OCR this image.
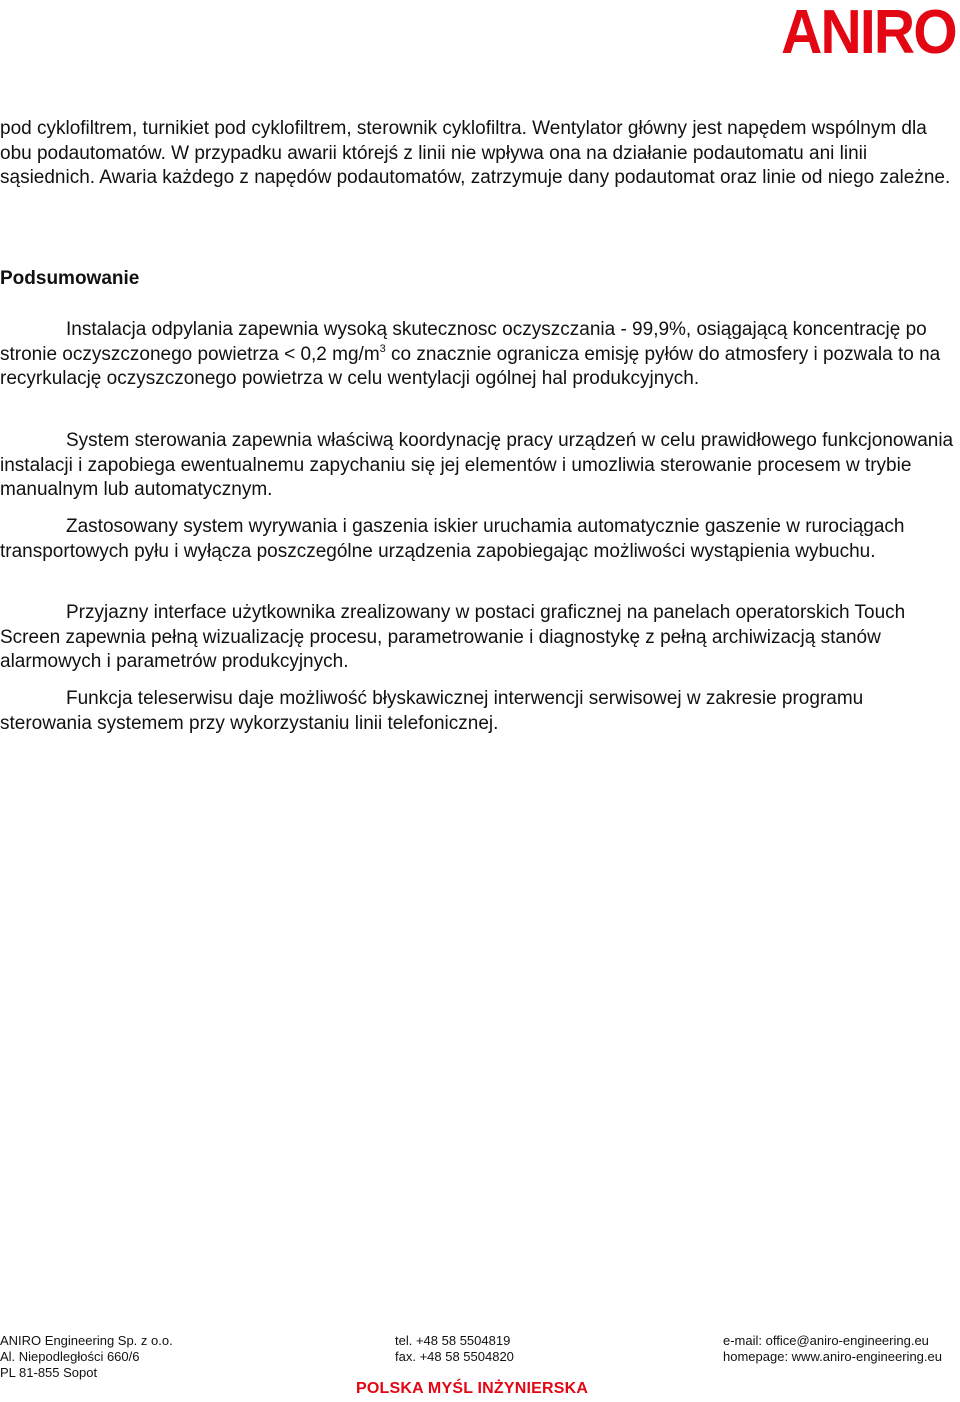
ANIRO

pod cyklofiltrem, turnikiet pod cyklofiltrem, sterownik cyklofiltra. Wentylator główny jest napędem wspólnym dla obu podautomatów. W przypadku awarii którejś z linii nie wpływa ona na działanie podautomatu ani linii sąsiednich. Awaria każdego z napędów podautomatów, zatrzymuje dany podautomat oraz linie od niego zależne.

Podsumowanie

Instalacja odpylania zapewnia wysoką skutecznosc oczyszczania - 99,9%, osiągającą koncentrację po stronie oczyszczonego powietrza < 0,2 $mg/m^3$ co znacznie ogranicza emisję pyłów do atmosfery i pozwala to na recyrkulację oczyszczonego powietrza w celu wentylacji ogólnej hal produkcyjnych.

System sterowania zapewnia właściwą koordynację pracy urządzeń w celu prawidłowego funkcjonowania instalacji i zapobiega ewentualnemu zapychaniu się jej elementów i umozliwia sterowanie procesem w trybie manualnym lub automatycznym.

Zastosowany system wyrywania i gaszenia iskier uruchamia automatycznie gaszenie w rurociągach transportowych pyłu i wyłącza poszczególne urządzenia zapobiegając możliwości wystąpienia wybuchu.

Przyjazny interface użytkownika zrealizowany w postaci graficznej na panelach operatorskich Touch Screen zapewnia pełną wizualizację procesu, parametrowanie i diagnostykę z pełną archiwizacją stanów alarmowych i parametrów produkcyjnych.

Funkcja teleserwisu daje możliwość błyskawicznej interwencji serwisowej w zakresie programu sterowania systemem przy wykorzystaniu linii telefonicznej.

ANIRO Engineering Sp. z o.o.
Al. Niepodległości 660/6
PL 81-855 Sopot
tel. +48 58 5504819
fax. +48 58 5504820
e-mail: office@aniro-engineering.eu
homepage: www.aniro-engineering.eu
POLSKA MYŚL INŻYNIERSKA
